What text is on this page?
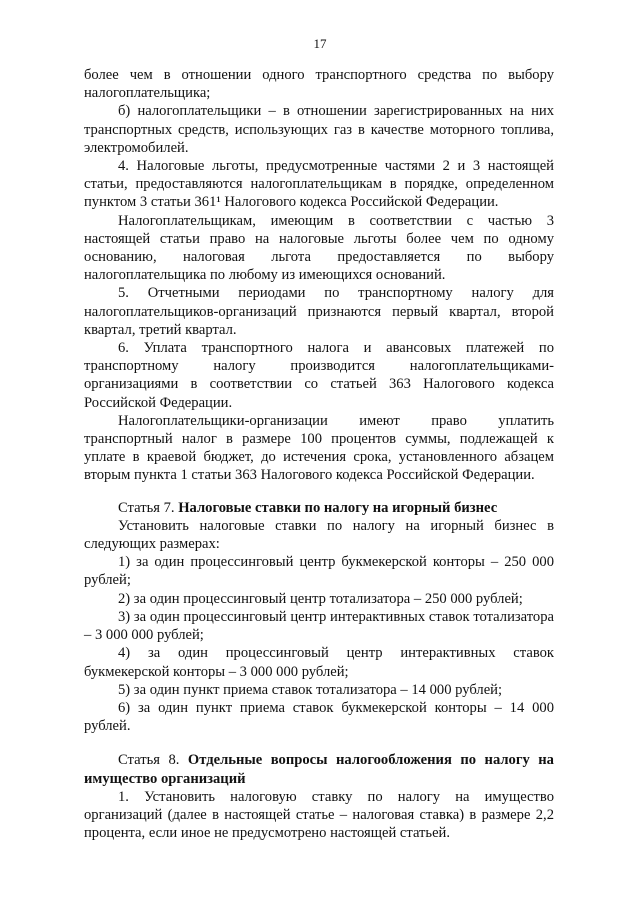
17

более чем в отношении одного транспортного средства по выбору налогоплательщика;

б) налогоплательщики – в отношении зарегистрированных на них транспортных средств, использующих газ в качестве моторного топлива, электромобилей.

4. Налоговые льготы, предусмотренные частями 2 и 3 настоящей статьи, предоставляются налогоплательщикам в порядке, определенном пунктом 3 статьи 361¹ Налогового кодекса Российской Федерации.

Налогоплательщикам, имеющим в соответствии с частью 3 настоящей статьи право на налоговые льготы более чем по одному основанию, налоговая льгота предоставляется по выбору налогоплательщика по любому из имеющихся оснований.

5. Отчетными периодами по транспортному налогу для налогоплательщиков-организаций признаются первый квартал, второй квартал, третий квартал.

6. Уплата транспортного налога и авансовых платежей по транспортному налогу производится налогоплательщиками-организациями в соответствии со статьей 363 Налогового кодекса Российской Федерации.

Налогоплательщики-организации имеют право уплатить транспортный налог в размере 100 процентов суммы, подлежащей к уплате в краевой бюджет, до истечения срока, установленного абзацем вторым пункта 1 статьи 363 Налогового кодекса Российской Федерации.

Статья 7. Налоговые ставки по налогу на игорный бизнес

Установить налоговые ставки по налогу на игорный бизнес в следующих размерах:

1) за один процессинговый центр букмекерской конторы – 250 000 рублей;

2) за один процессинговый центр тотализатора – 250 000 рублей;

3) за один процессинговый центр интерактивных ставок тотализатора – 3 000 000 рублей;

4) за один процессинговый центр интерактивных ставок букмекерской конторы – 3 000 000 рублей;

5) за один пункт приема ставок тотализатора – 14 000 рублей;

6) за один пункт приема ставок букмекерской конторы – 14 000 рублей.

Статья 8. Отдельные вопросы налогообложения по налогу на имущество организаций

1. Установить налоговую ставку по налогу на имущество организаций (далее в настоящей статье – налоговая ставка) в размере 2,2 процента, если иное не предусмотрено настоящей статьей.
